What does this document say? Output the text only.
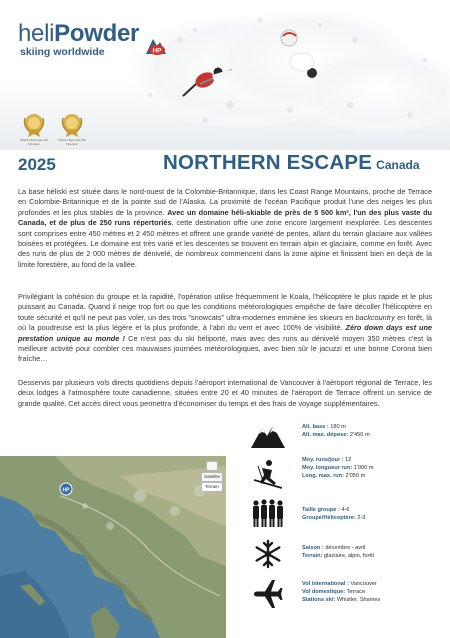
heliPowder
skiing worldwide	HP
World's Best Heli-Ski Operator
World's Best Heli-Ski Operator
2025	NORTHERN ESCAPE Canada

La base héliski est située dans le nord-ouest de la Colombie-Britannique, dans les Coast Range Mountains, proche de Terrace en Colombie-Britannique et de la pointe sud de l'Alaska. La proximité de l'océan Pacifique produit l'une des neiges les plus profondes et les plus stables de la province. Avec un domaine héli-skiable de près de 5 500 km², l'un des plus vaste du Canada, et de plus de 250 runs répertoriés, cette destination offre une zone encore largement inexplorée. Les descentes sont comprises entre 450 mètres et 2 450 mètres et offrent une grande variété de pentes, allant du terrain glaciaire aux vallées boisées et protégées. Le domaine est très varié et les descentes se trouvent en terrain alpin et glaciaire, comme en forêt. Avec des runs de plus de 2 000 mètres de dénivelé, de nombreux commencent dans la zone alpine et finissent bien en deçà de la limite forestière, au fond de la vallée.

Privilégiant la cohésion du groupe et la rapidité, l'opération utilise fréquemment le Koala, l'hélicoptère le plus rapide et le plus puissant au Canada. Quand il neige trop fort ou que les conditions météorologiques empêche de faire décoller l'hélicoptère en toute sécurité et qu'il ne peut pas voler, un des trois "snowcats" ultra-modernes emmène les skieurs en backcountry en forêt, là où la poudreuse est la plus légère et la plus profonde, à l'abri du vent et avec 100% de visibilité. Zéro down days est une prestation unique au monde ! Ce n'est pas du ski héliporté, mais avec des runs au dénivelé moyen 350 mètres c'est la meilleure activité pour combler ces mauvaises journées météorologiques, avec bien sûr le jacuzzi et une bonne Corona bien fraîche…

Desservis par plusieurs vols directs quotidiens depuis l'aéroport international de Vancouver à l'aéroport régional de Terrace, les deux lodges à l'atmosphère toute canadienne, situées entre 20 et 40 minutes de l'aéroport de Terrace offrent un service de grande qualité. Cet accès direct vous permettra d'économiser du temps et des frais de voyage supplémentaires.

HP
Satellite
Terrain
Alt. base : 180 m
Alt. max. dépose: 2'450 m
Moy. runs/jour : 12
Moy. longueur run: 1'000 m
Long. max. run: 2'050 m
Taille groupe : 4-6
Groupe/Hélicoptère: 2-3
Saison : décembre - avril
Terrain: glaciaire, alpin, forêt
Vol international : Vancouver
Vol domestique: Terrace
Stations ski: Whistler, Shames
